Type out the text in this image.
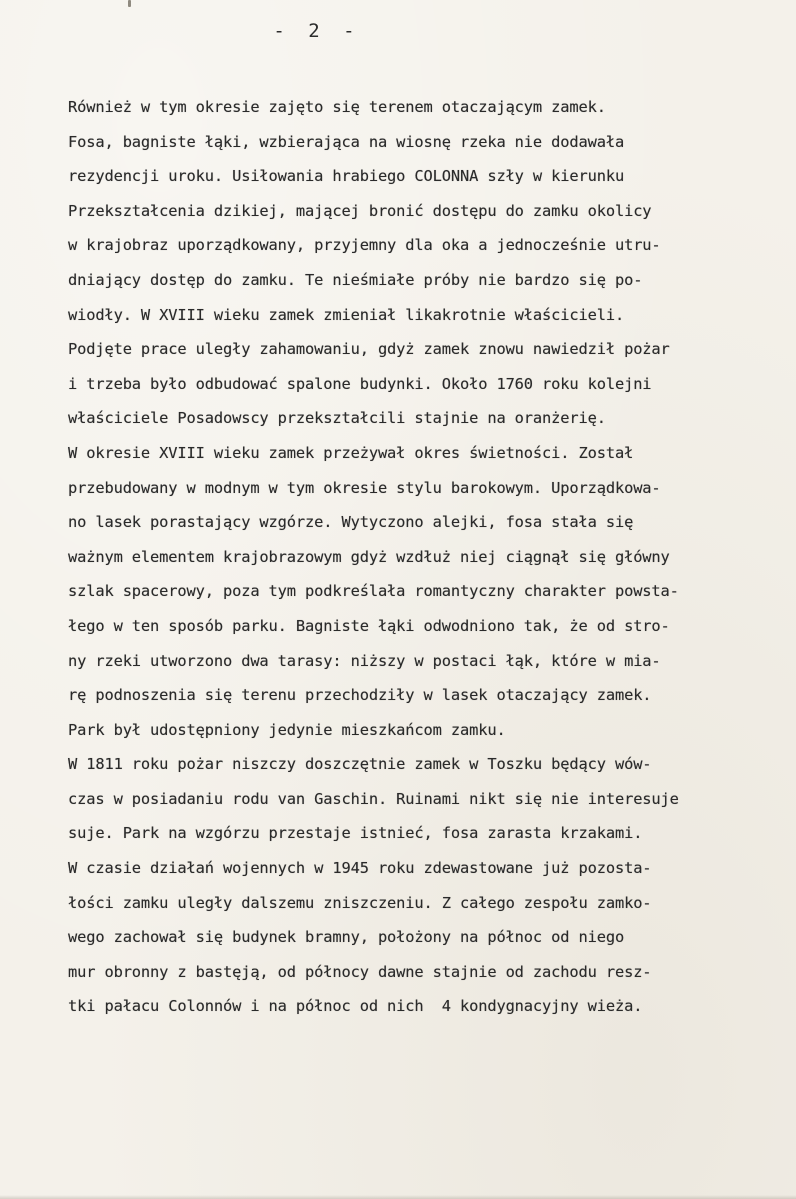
- 2 -
Również w tym okresie zajęto się terenem otaczającym zamek.
Fosa, bagniste łąki, wzbierająca na wiosnę rzeka nie dodawała
rezydencji uroku. Usiłowania hrabiego COLONNA szły w kierunku
Przekształcenia dzikiej, mającej bronić dostępu do zamku okolicy
w krajobraz uporządkowany, przyjemny dla oka a jednocześnie utru-
dniający dostęp do zamku. Te nieśmiałe próby nie bardzo się po-
wiodły. W XVIII wieku zamek zmieniał likakrotnie właścicieli.
Podjęte prace uległy zahamowaniu, gdyż zamek znowu nawiedził pożar
i trzeba było odbudować spalone budynki. Około 1760 roku kolejni
właściciele Posadowscy przekształcili stajnie na oranżerię.
W okresie XVIII wieku zamek przeżywał okres świetności. Został
przebudowany w modnym w tym okresie stylu barokowym. Uporządkowa-
no lasek porastający wzgórze. Wytyczono alejki, fosa stała się
ważnym elementem krajobrazowym gdyż wzdłuż niej ciągnął się główny
szlak spacerowy, poza tym podkreślała romantyczny charakter powsta-
łego w ten sposób parku. Bagniste łąki odwodniono tak, że od stro-
ny rzeki utworzono dwa tarasy: niższy w postaci łąk, które w mia-
rę podnoszenia się terenu przechodziły w lasek otaczający zamek.
Park był udostępniony jedynie mieszkańcom zamku.
W 1811 roku pożar niszczy doszczętnie zamek w Toszku będący wów-
czas w posiadaniu rodu van Gaschin. Ruinami nikt się nie interesuje
suje. Park na wzgórzu przestaje istnieć, fosa zarasta krzakami.
W czasie działań wojennych w 1945 roku zdewastowane już pozosta-
łości zamku uległy dalszemu zniszczeniu. Z całego zespołu zamko-
wego zachował się budynek bramny, położony na północ od niego
mur obronny z bastęją, od północy dawne stajnie od zachodu resz-
tki pałacu Colonnów i na północ od nich  4 kondygnacyjny wieża.
